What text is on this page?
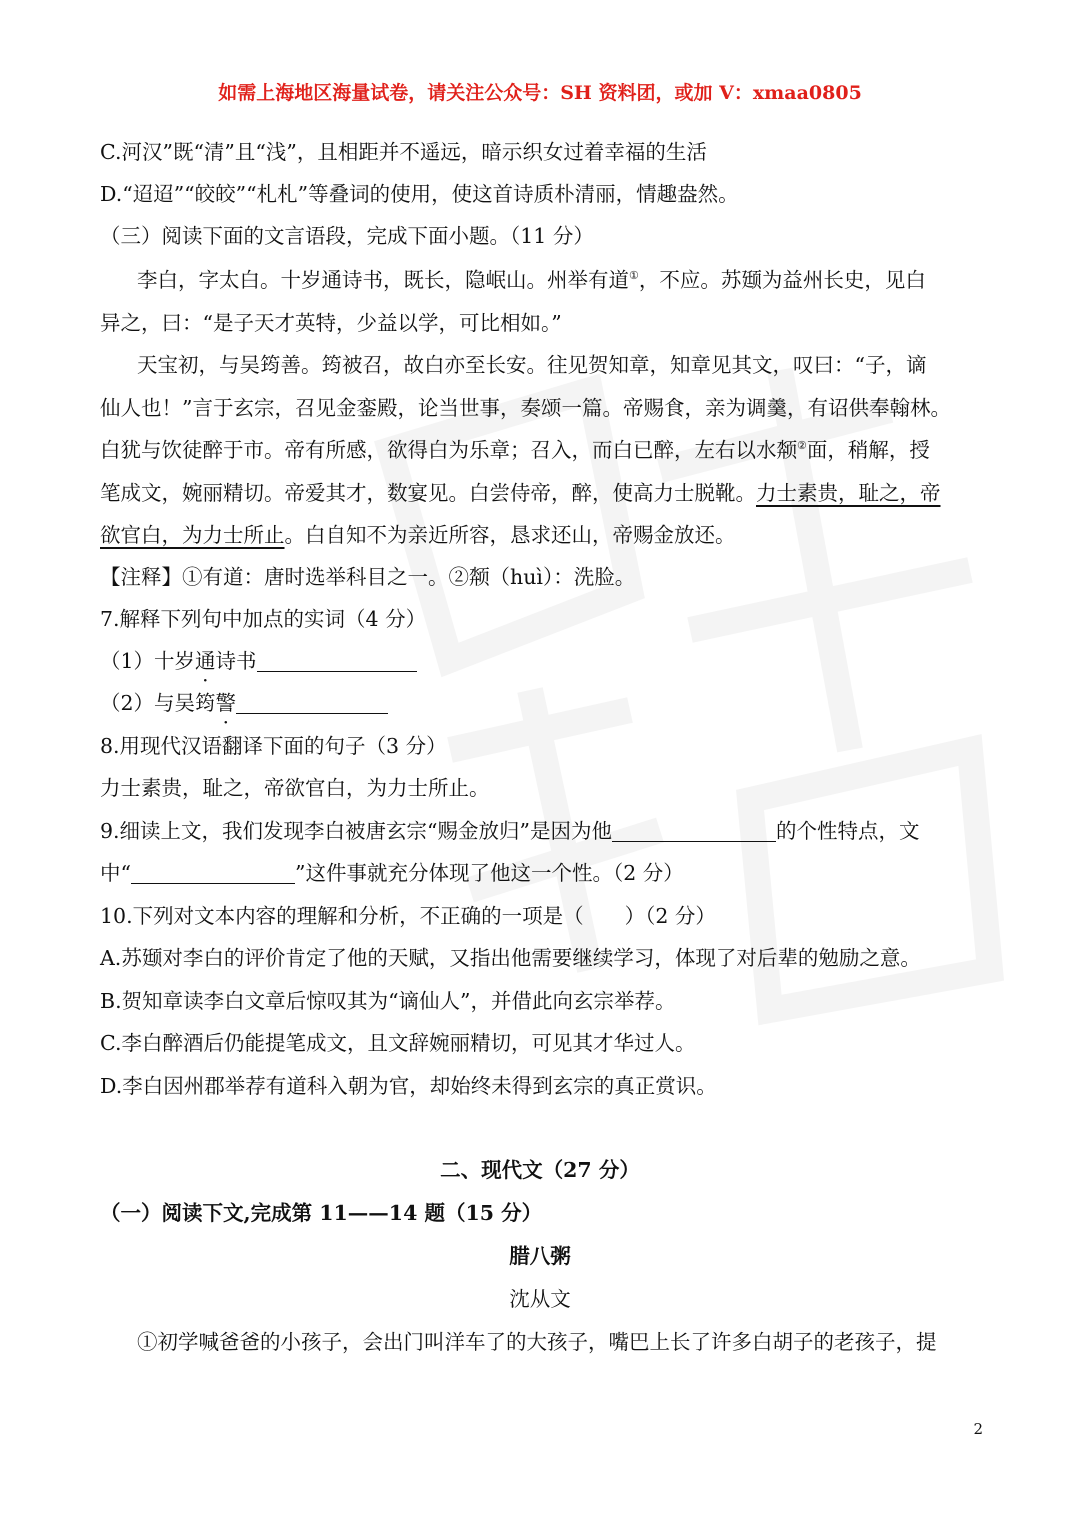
如需上海地区海量试卷，请关注公众号：SH 资料团，或加 V：xmaa0805
C.河汉”既“清”且“浅”，且相距并不遥远，暗示织女过着幸福的生活
D.“迢迢”“皎皎”“札札”等叠词的使用，使这首诗质朴清丽，情趣盎然。
（三）阅读下面的文言语段，完成下面小题。（11 分）
李白，字太白。十岁通诗书，既长，隐岷山。州举有道①，不应。苏颋为益州长史，见白
异之，曰：“是子天才英特，少益以学，可比相如。”
天宝初，与吴筠善。筠被召，故白亦至长安。往见贺知章，知章见其文，叹曰：“子，谪
仙人也！”言于玄宗，召见金銮殿，论当世事，奏颂一篇。帝赐食，亲为调羹，有诏供奉翰林。
白犹与饮徒醉于市。帝有所感，欲得白为乐章；召入，而白已醉，左右以水颒②面，稍解，授
笔成文，婉丽精切。帝爱其才，数宴见。白尝侍帝，醉，使高力士脱靴。力士素贵，耻之，帝
欲官白，为力士所止。白自知不为亲近所容，恳求还山，帝赐金放还。
【注释】①有道：唐时选举科目之一。②颒（huì）：洗脸。
7.解释下列句中加点的实词（4 分）
（1）十岁通诗书
（2）与吴筠警
8.用现代汉语翻译下面的句子（3 分）
力士素贵，耻之，帝欲官白，为力士所止。
9.细读上文，我们发现李白被唐玄宗“赐金放归”是因为他	的个性特点，文
中“	”这件事就充分体现了他这一个性。（2 分）
10.下列对文本内容的理解和分析，不正确的一项是（　　）（2 分）
A.苏颋对李白的评价肯定了他的天赋，又指出他需要继续学习，体现了对后辈的勉励之意。
B.贺知章读李白文章后惊叹其为“谪仙人”，并借此向玄宗举荐。
C.李白醉酒后仍能提笔成文，且文辞婉丽精切，可见其才华过人。
D.李白因州郡举荐有道科入朝为官，却始终未得到玄宗的真正赏识。
二、现代文（27 分）
（一）阅读下文,完成第 11——14 题（15 分）
腊八粥
沈从文
①初学喊爸爸的小孩子，会出门叫洋车了的大孩子，嘴巴上长了许多白胡子的老孩子，提
2
